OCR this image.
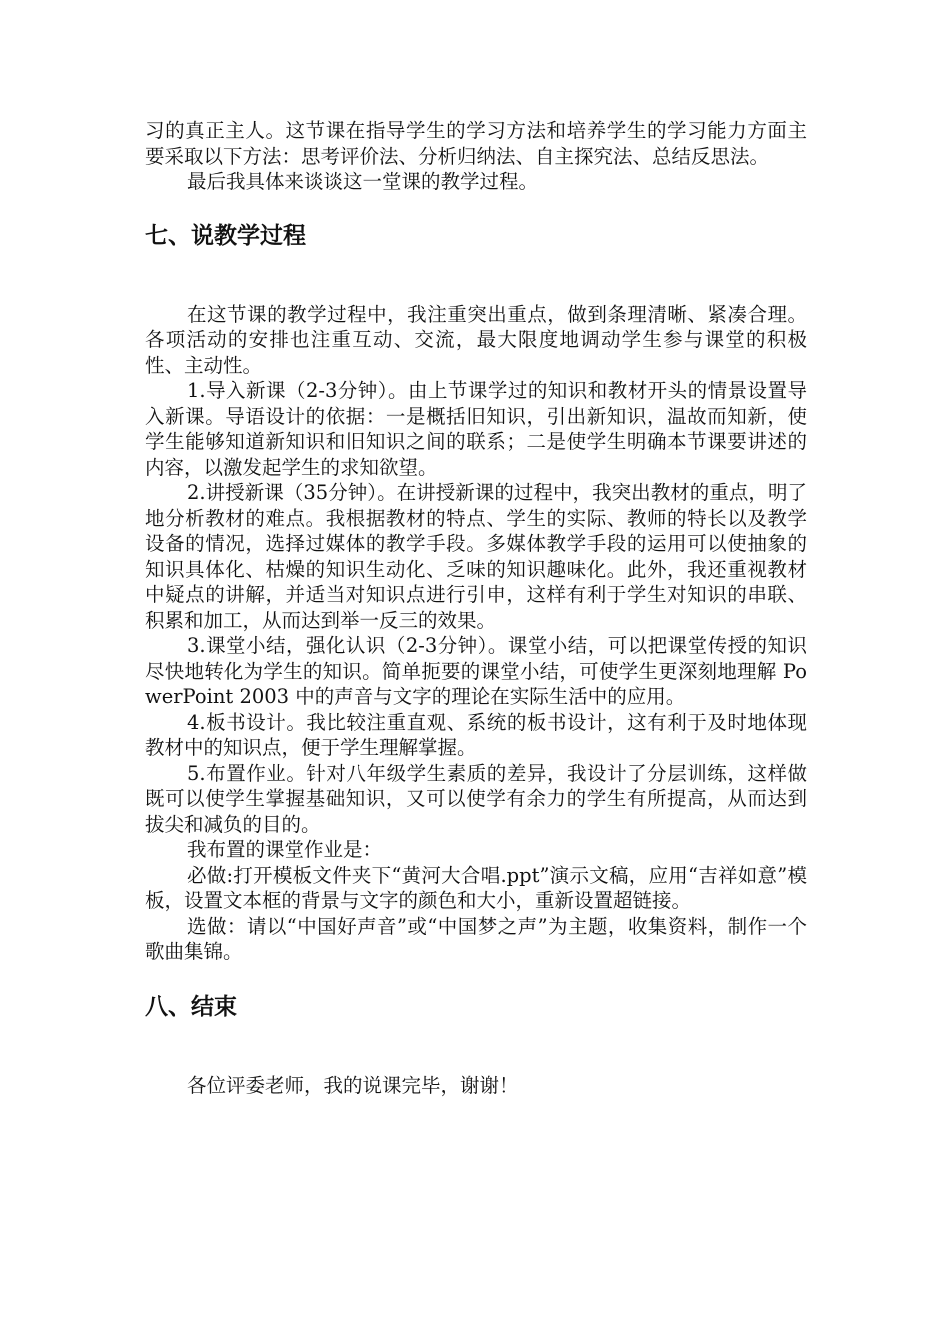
习的真正主人。这节课在指导学生的学习方法和培养学生的学习能力方面主要采取以下方法：思考评价法、分析归纳法、自主探究法、总结反思法。

最后我具体来谈谈这一堂课的教学过程。

七、说教学过程

在这节课的教学过程中，我注重突出重点，做到条理清晰、紧凑合理。各项活动的安排也注重互动、交流，最大限度地调动学生参与课堂的积极性、主动性。

1.导入新课（2-3分钟）。由上节课学过的知识和教材开头的情景设置导入新课。导语设计的依据：一是概括旧知识，引出新知识，温故而知新，使学生能够知道新知识和旧知识之间的联系；二是使学生明确本节课要讲述的内容，以激发起学生的求知欲望。

2.讲授新课（35分钟）。在讲授新课的过程中，我突出教材的重点，明了地分析教材的难点。我根据教材的特点、学生的实际、教师的特长以及教学设备的情况，选择过媒体的教学手段。多媒体教学手段的运用可以使抽象的知识具体化、枯燥的知识生动化、乏味的知识趣味化。此外，我还重视教材中疑点的讲解，并适当对知识点进行引申，这样有利于学生对知识的串联、积累和加工，从而达到举一反三的效果。

3.课堂小结，强化认识（2-3分钟）。课堂小结，可以把课堂传授的知识尽快地转化为学生的知识。简单扼要的课堂小结，可使学生更深刻地理解 PowerPoint 2003 中的声音与文字的理论在实际生活中的应用。

4.板书设计。我比较注重直观、系统的板书设计，这有利于及时地体现教材中的知识点，便于学生理解掌握。

5.布置作业。针对八年级学生素质的差异，我设计了分层训练，这样做既可以使学生掌握基础知识，又可以使学有余力的学生有所提高，从而达到拔尖和减负的目的。

我布置的课堂作业是：

必做:打开模板文件夹下“黄河大合唱.ppt”演示文稿，应用“吉祥如意”模板，设置文本框的背景与文字的颜色和大小，重新设置超链接。

选做：请以“中国好声音”或“中国梦之声”为主题，收集资料，制作一个歌曲集锦。

八、结束

各位评委老师，我的说课完毕，谢谢！
